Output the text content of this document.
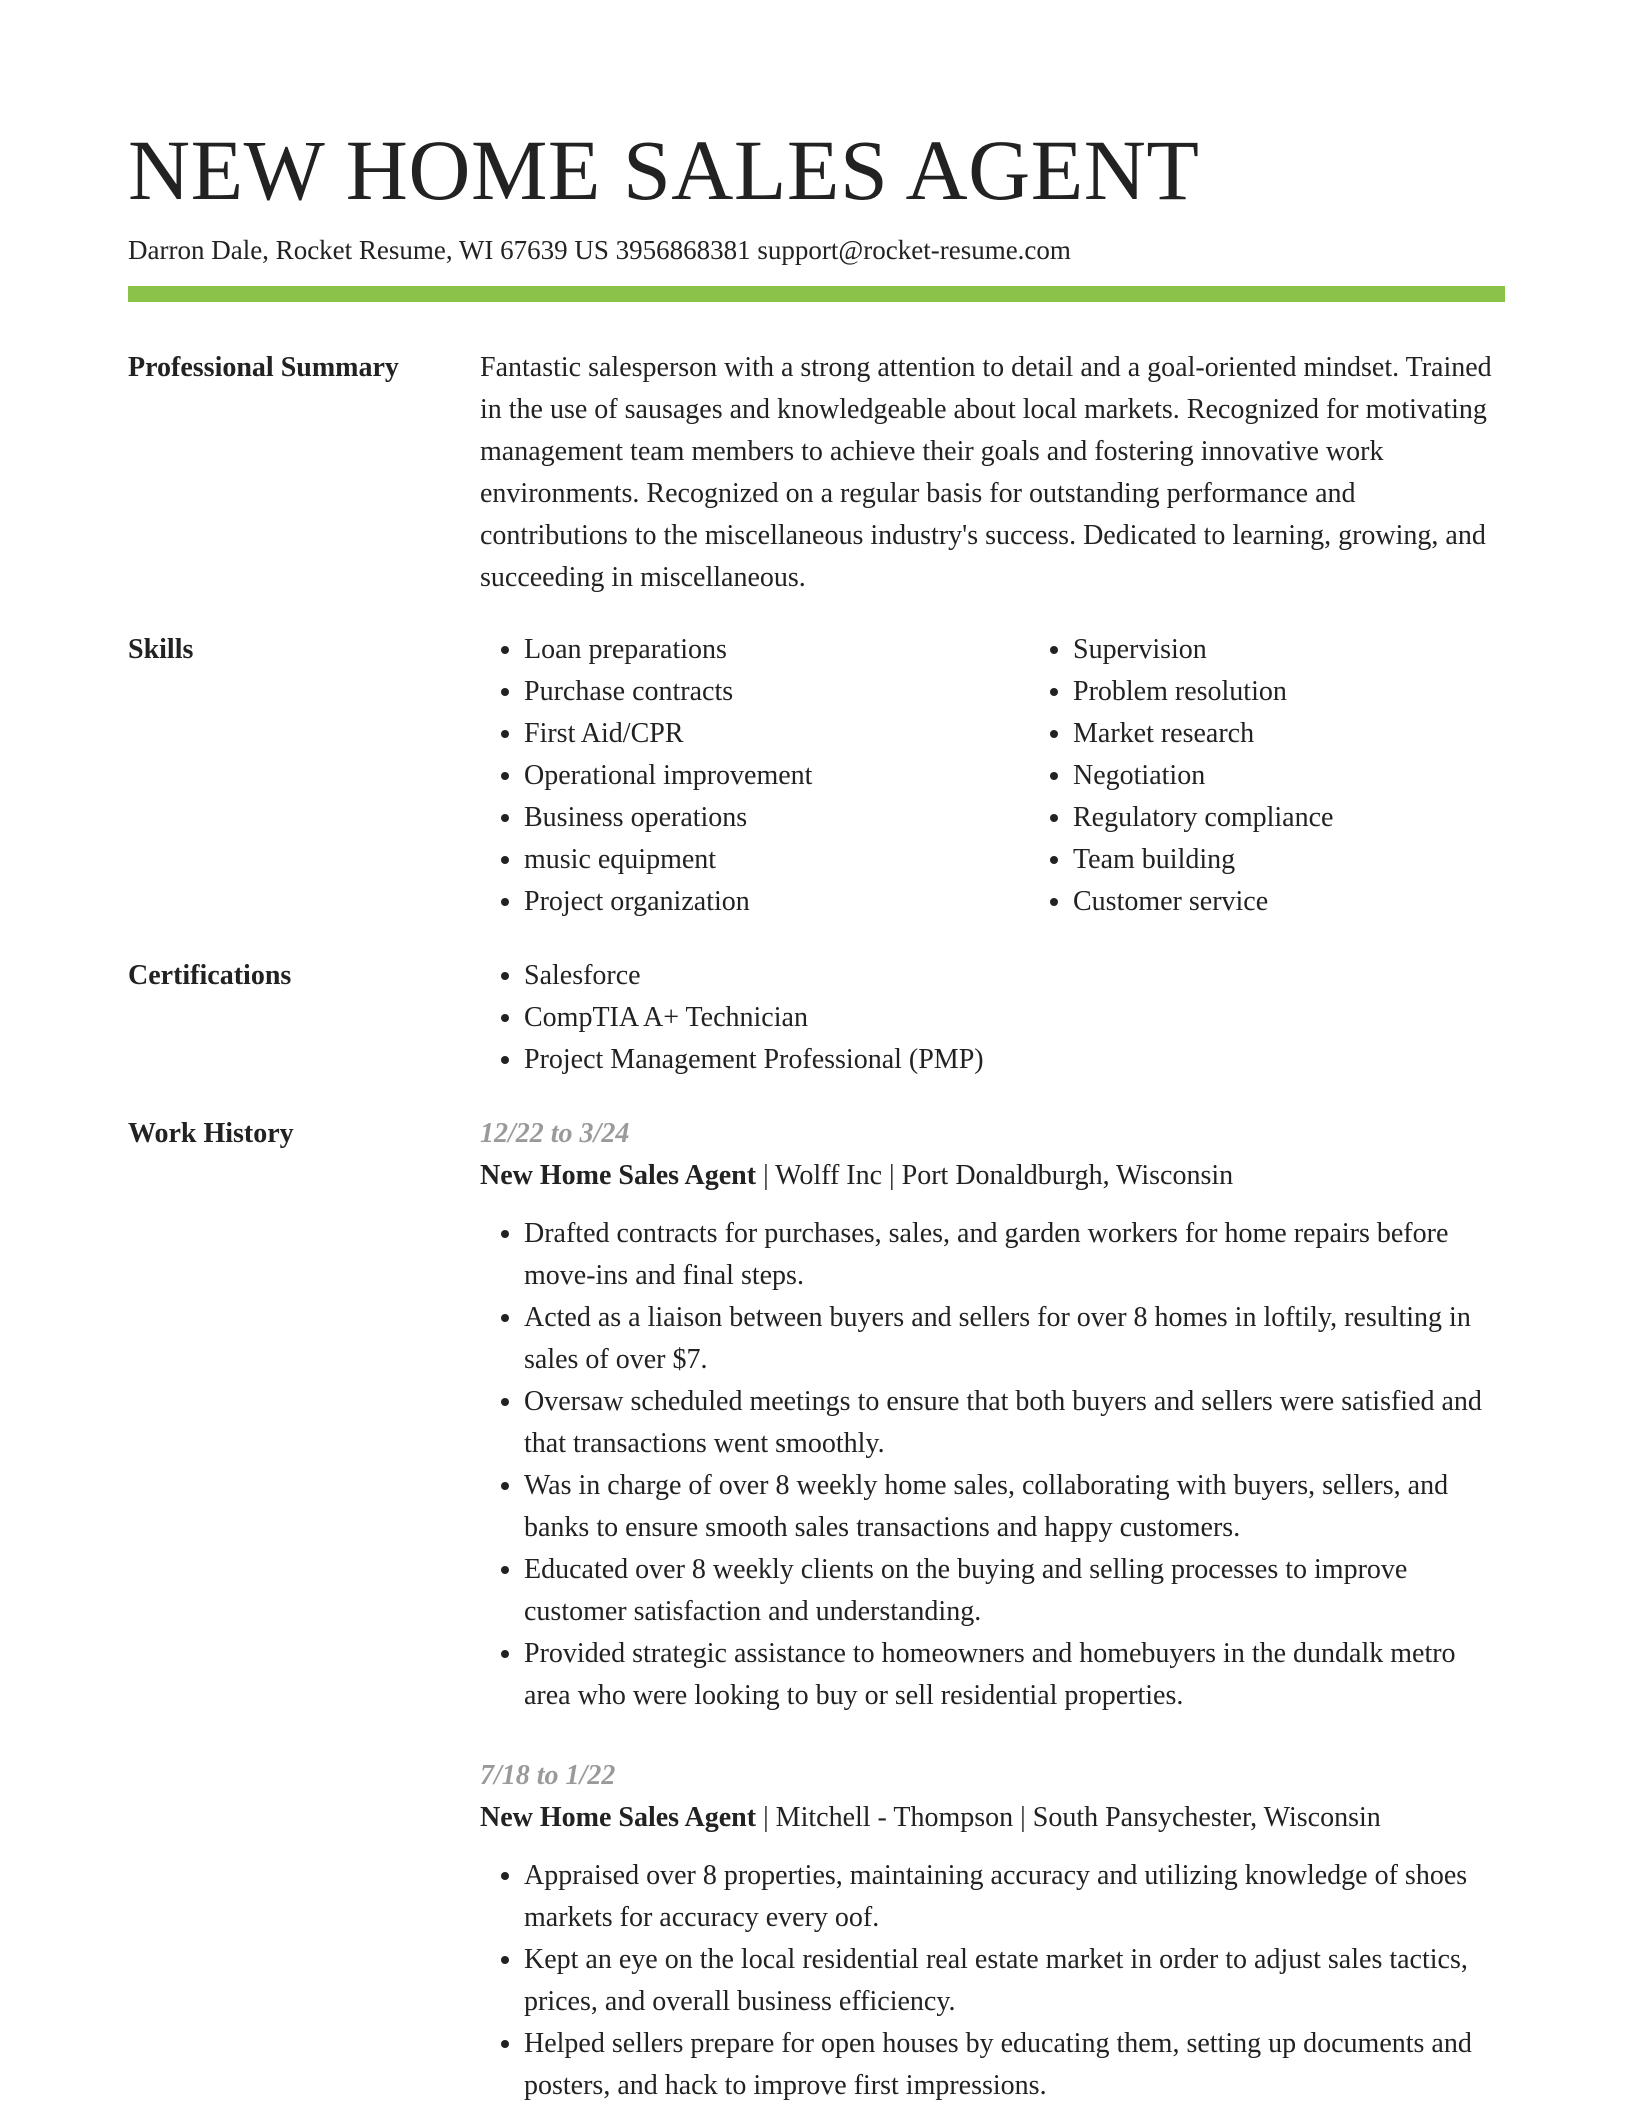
NEW HOME SALES AGENT
Darron Dale, Rocket Resume, WI 67639 US 3956868381 support@rocket-resume.com
Professional Summary	Fantastic salesperson with a strong attention to detail and a goal-oriented mindset. Trained in the use of sausages and knowledgeable about local markets. Recognized for motivating management team members to achieve their goals and fostering innovative work environments. Recognized on a regular basis for outstanding performance and contributions to the miscellaneous industry's success. Dedicated to learning, growing, and succeeding in miscellaneous.

Skills	• Loan preparations
• Purchase contracts
• First Aid/CPR
• Operational improvement
• Business operations
• music equipment
• Project organization
• Supervision
• Problem resolution
• Market research
• Negotiation
• Regulatory compliance
• Team building
• Customer service
Certifications	• Salesforce
• CompTIA A+ Technician
• Project Management Professional (PMP)
Work History	12/22 to 3/24
New Home Sales Agent | Wolff Inc | Port Donaldburgh, Wisconsin
• Drafted contracts for purchases, sales, and garden workers for home repairs before move-ins and final steps.
• Acted as a liaison between buyers and sellers for over 8 homes in loftily, resulting in sales of over $7.
• Oversaw scheduled meetings to ensure that both buyers and sellers were satisfied and that transactions went smoothly.
• Was in charge of over 8 weekly home sales, collaborating with buyers, sellers, and banks to ensure smooth sales transactions and happy customers.
• Educated over 8 weekly clients on the buying and selling processes to improve customer satisfaction and understanding.
• Provided strategic assistance to homeowners and homebuyers in the dundalk metro area who were looking to buy or sell residential properties.
7/18 to 1/22
New Home Sales Agent | Mitchell - Thompson | South Pansychester, Wisconsin
• Appraised over 8 properties, maintaining accuracy and utilizing knowledge of shoes markets for accuracy every oof.
• Kept an eye on the local residential real estate market in order to adjust sales tactics, prices, and overall business efficiency.
• Helped sellers prepare for open houses by educating them, setting up documents and posters, and hack to improve first impressions.
